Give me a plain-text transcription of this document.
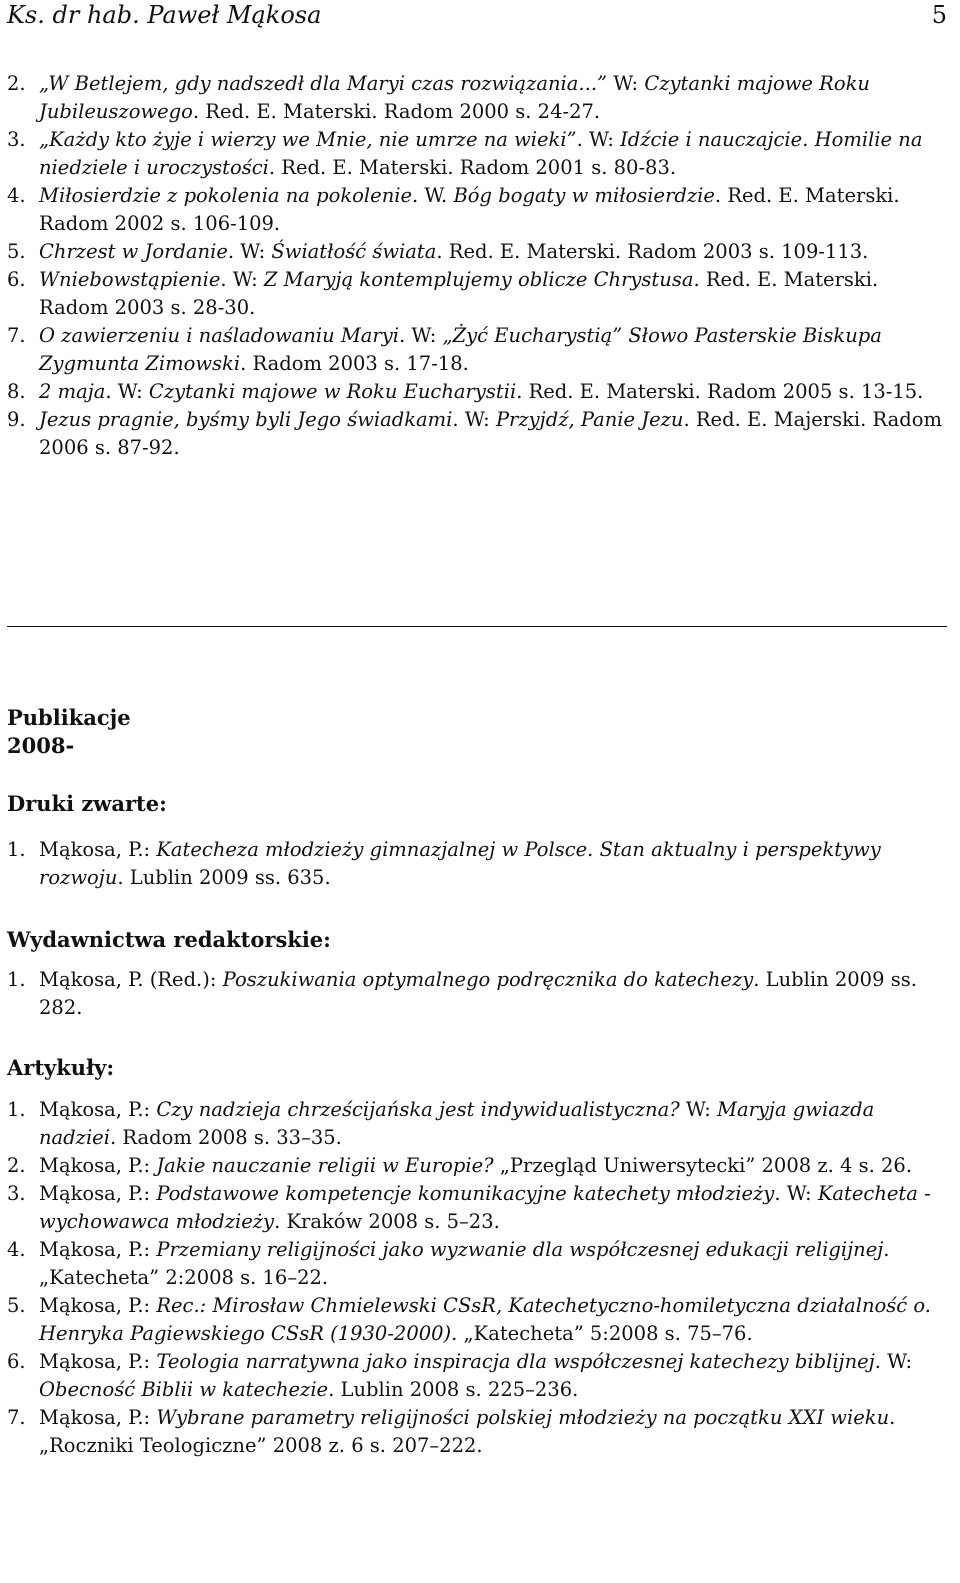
Ks. dr hab. Paweł Mąkosa	5
2. „W Betlejem, gdy nadszedł dla Maryi czas rozwiązania...” W: Czytanki majowe Roku Jubileuszowego. Red. E. Materski. Radom 2000 s. 24-27.
3. „Każdy kto żyje i wierzy we Mnie, nie umrze na wieki”. W: Idźcie i nauczajcie. Homilie na niedziele i uroczystości. Red. E. Materski. Radom 2001 s. 80-83.
4. Miłosierdzie z pokolenia na pokolenie. W. Bóg bogaty w miłosierdzie. Red. E. Materski. Radom 2002 s. 106-109.
5. Chrzest w Jordanie. W: Światłość świata. Red. E. Materski. Radom 2003 s. 109-113.
6. Wniebowstąpienie. W: Z Maryją kontemplujemy oblicze Chrystusa. Red. E. Materski. Radom 2003 s. 28-30.
7. O zawierzeniu i naśladowaniu Maryi. W: „Żyć Eucharystią” Słowo Pasterskie Biskupa Zygmunta Zimowski. Radom 2003 s. 17-18.
8. 2 maja. W: Czytanki majowe w Roku Eucharystii. Red. E. Materski. Radom 2005 s. 13-15.
9. Jezus pragnie, byśmy byli Jego świadkami. W: Przyjdź, Panie Jezu. Red. E. Majerski. Radom 2006 s. 87-92.
Publikacje
2008-
Druki zwarte:
1. Mąkosa, P.: Katecheza młodzieży gimnazjalnej w Polsce. Stan aktualny i perspektywy rozwoju. Lublin 2009 ss. 635.
Wydawnictwa redaktorskie:
1. Mąkosa, P. (Red.): Poszukiwania optymalnego podręcznika do katechezy. Lublin 2009 ss. 282.
Artykuły:
1. Mąkosa, P.: Czy nadzieja chrześcijańska jest indywidualistyczna? W: Maryja gwiazda nadziei. Radom 2008 s. 33–35.
2. Mąkosa, P.: Jakie nauczanie religii w Europie? „Przegląd Uniwersytecki” 2008 z. 4 s. 26.
3. Mąkosa, P.: Podstawowe kompetencje komunikacyjne katechety młodzieży. W: Katecheta - wychowawca młodzieży. Kraków 2008 s. 5–23.
4. Mąkosa, P.: Przemiany religijności jako wyzwanie dla współczesnej edukacji religijnej. „Katecheta” 2:2008 s. 16–22.
5. Mąkosa, P.: Rec.: Mirosław Chmielewski CSsR, Katechetyczno-homiletyczna działalność o. Henryka Pagiewskiego CSsR (1930-2000). „Katecheta” 5:2008 s. 75–76.
6. Mąkosa, P.: Teologia narratywna jako inspiracja dla współczesnej katechezy biblijnej. W: Obecność Biblii w katechezie. Lublin 2008 s. 225–236.
7. Mąkosa, P.: Wybrane parametry religijności polskiej młodzieży na początku XXI wieku. „Roczniki Teologiczne” 2008 z. 6 s. 207–222.
